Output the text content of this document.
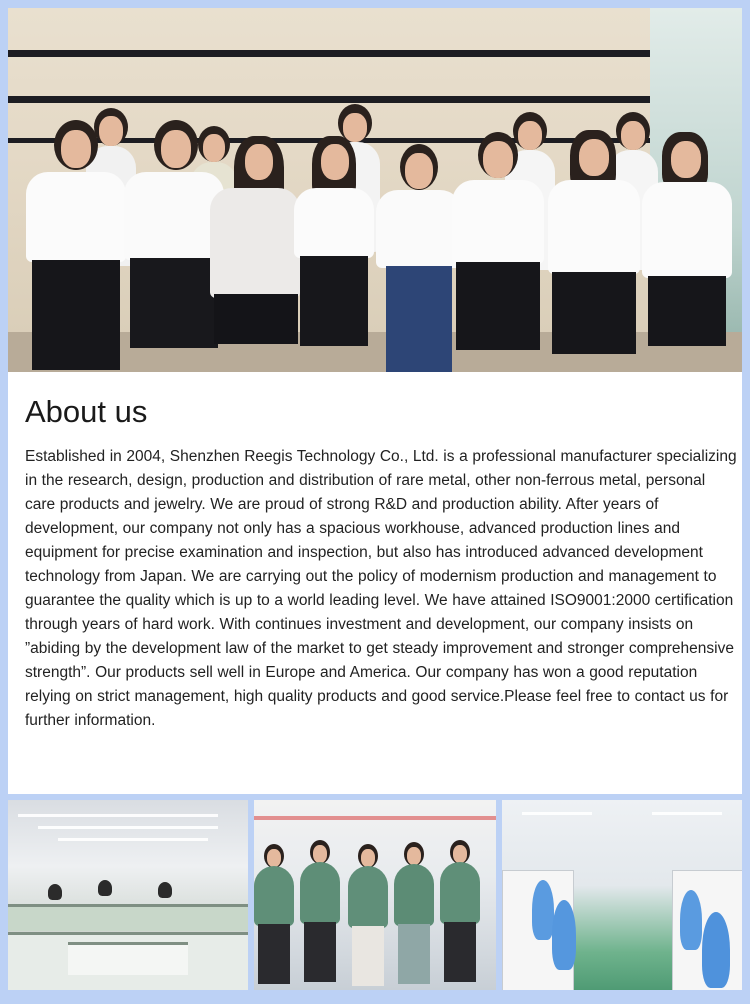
About us

Established in 2004, Shenzhen Reegis Technology Co., Ltd. is a professional manufacturer specializing in the research, design, production and distribution of rare metal, other non-ferrous metal, personal care products and jewelry. We are proud of strong R&D and production ability. After years of development, our company not only has a spacious workhouse, advanced production lines and equipment for precise examination and inspection, but also has introduced advanced development technology from Japan. We are carrying out the policy of modernism production and management to guarantee the quality which is up to a world leading level. We have attained ISO9001:2000 certification through years of hard work. With continues investment and development, our company insists on ”abiding by the development law of the market to get steady improvement and stronger comprehensive strength”. Our products sell well in Europe and America. Our company has won a good reputation relying on strict management, high quality products and good service.Please feel free to contact us for further information.
